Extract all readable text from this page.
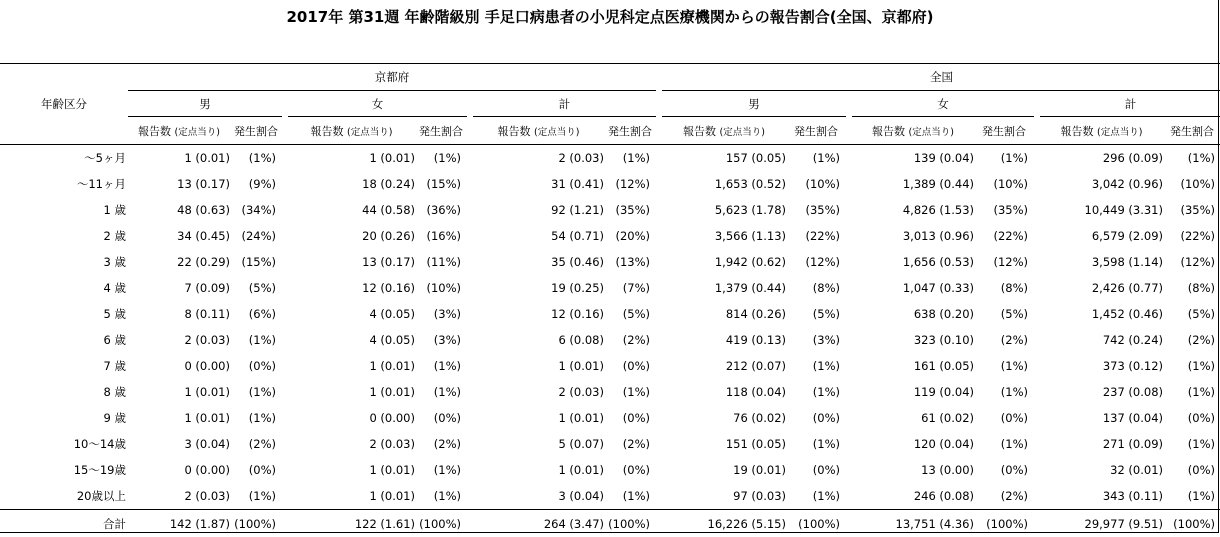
2017年 第31週 年齢階級別 手足口病患者の小児科定点医療機関からの報告割合(全国、京都府)
	京都府									全国							
年齢区分	男			女			計			男			女			計	
	報告数 (定点当り)	発生割合		報告数 (定点当り)	発生割合		報告数 (定点当り)	発生割合		報告数 (定点当り)	発生割合		報告数 (定点当り)	発生割合		報告数 (定点当り)	発生割合
～5ヶ月	1 (0.01)	(1%)		1 (0.01)	(1%)		2 (0.03)	(1%)		157 (0.05)	(1%)		139 (0.04)	(1%)		296 (0.09)	(1%)
～11ヶ月	13 (0.17)	(9%)		18 (0.24)	(15%)		31 (0.41)	(12%)		1,653 (0.52)	(10%)		1,389 (0.44)	(10%)		3,042 (0.96)	(10%)
1 歳	48 (0.63)	(34%)		44 (0.58)	(36%)		92 (1.21)	(35%)		5,623 (1.78)	(35%)		4,826 (1.53)	(35%)		10,449 (3.31)	(35%)
2 歳	34 (0.45)	(24%)		20 (0.26)	(16%)		54 (0.71)	(20%)		3,566 (1.13)	(22%)		3,013 (0.96)	(22%)		6,579 (2.09)	(22%)
3 歳	22 (0.29)	(15%)		13 (0.17)	(11%)		35 (0.46)	(13%)		1,942 (0.62)	(12%)		1,656 (0.53)	(12%)		3,598 (1.14)	(12%)
4 歳	7 (0.09)	(5%)		12 (0.16)	(10%)		19 (0.25)	(7%)		1,379 (0.44)	(8%)		1,047 (0.33)	(8%)		2,426 (0.77)	(8%)
5 歳	8 (0.11)	(6%)		4 (0.05)	(3%)		12 (0.16)	(5%)		814 (0.26)	(5%)		638 (0.20)	(5%)		1,452 (0.46)	(5%)
6 歳	2 (0.03)	(1%)		4 (0.05)	(3%)		6 (0.08)	(2%)		419 (0.13)	(3%)		323 (0.10)	(2%)		742 (0.24)	(2%)
7 歳	0 (0.00)	(0%)		1 (0.01)	(1%)		1 (0.01)	(0%)		212 (0.07)	(1%)		161 (0.05)	(1%)		373 (0.12)	(1%)
8 歳	1 (0.01)	(1%)		1 (0.01)	(1%)		2 (0.03)	(1%)		118 (0.04)	(1%)		119 (0.04)	(1%)		237 (0.08)	(1%)
9 歳	1 (0.01)	(1%)		0 (0.00)	(0%)		1 (0.01)	(0%)		76 (0.02)	(0%)		61 (0.02)	(0%)		137 (0.04)	(0%)
10～14歳	3 (0.04)	(2%)		2 (0.03)	(2%)		5 (0.07)	(2%)		151 (0.05)	(1%)		120 (0.04)	(1%)		271 (0.09)	(1%)
15～19歳	0 (0.00)	(0%)		1 (0.01)	(1%)		1 (0.01)	(0%)		19 (0.01)	(0%)		13 (0.00)	(0%)		32 (0.01)	(0%)
20歳以上	2 (0.03)	(1%)		1 (0.01)	(1%)		3 (0.04)	(1%)		97 (0.03)	(1%)		246 (0.08)	(2%)		343 (0.11)	(1%)
合計	142 (1.87)	(100%)		122 (1.61)	(100%)		264 (3.47)	(100%)		16,226 (5.15)	(100%)		13,751 (4.36)	(100%)		29,977 (9.51)	(100%)
